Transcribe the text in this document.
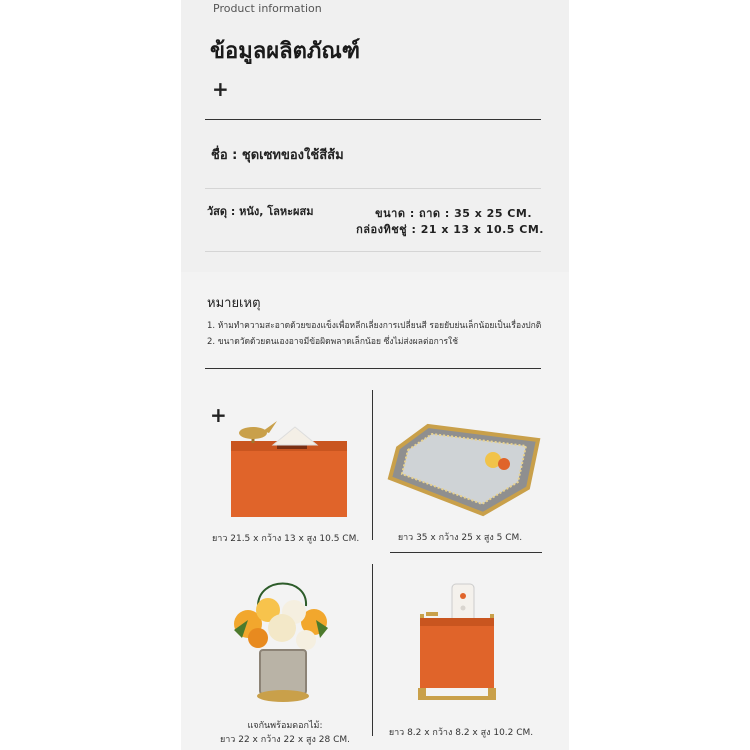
Product information
ข้อมูลผลิตภัณฑ์
+
ชื่อ : ชุดเซทของใช้สีส้ม
วัสดุ : หนัง, โลหะผสม	ขนาด : ถาด : 35 x 25 CM.
กล่องทิชชู่ : 21 x 13 x 10.5 CM.
หมายเหตุ
1. ห้ามทำความสะอาดด้วยของแข็งเพื่อหลีกเลี่ยงการเปลี่ยนสี รอยยับย่นเล็กน้อยเป็นเรื่องปกติ
2. ขนาดวัดด้วยตนเองอาจมีข้อผิดพลาดเล็กน้อย ซึ่งไม่ส่งผลต่อการใช้
+
ยาว 21.5 x กว้าง 13 x สูง 10.5 CM.	ยาว 35 x กว้าง 25 x สูง 5 CM.
แจกันพร้อมดอกไม้:
ยาว 22 x กว้าง 22 x สูง 28 CM.
ยาว 8.2 x กว้าง 8.2 x สูง 10.2 CM.
